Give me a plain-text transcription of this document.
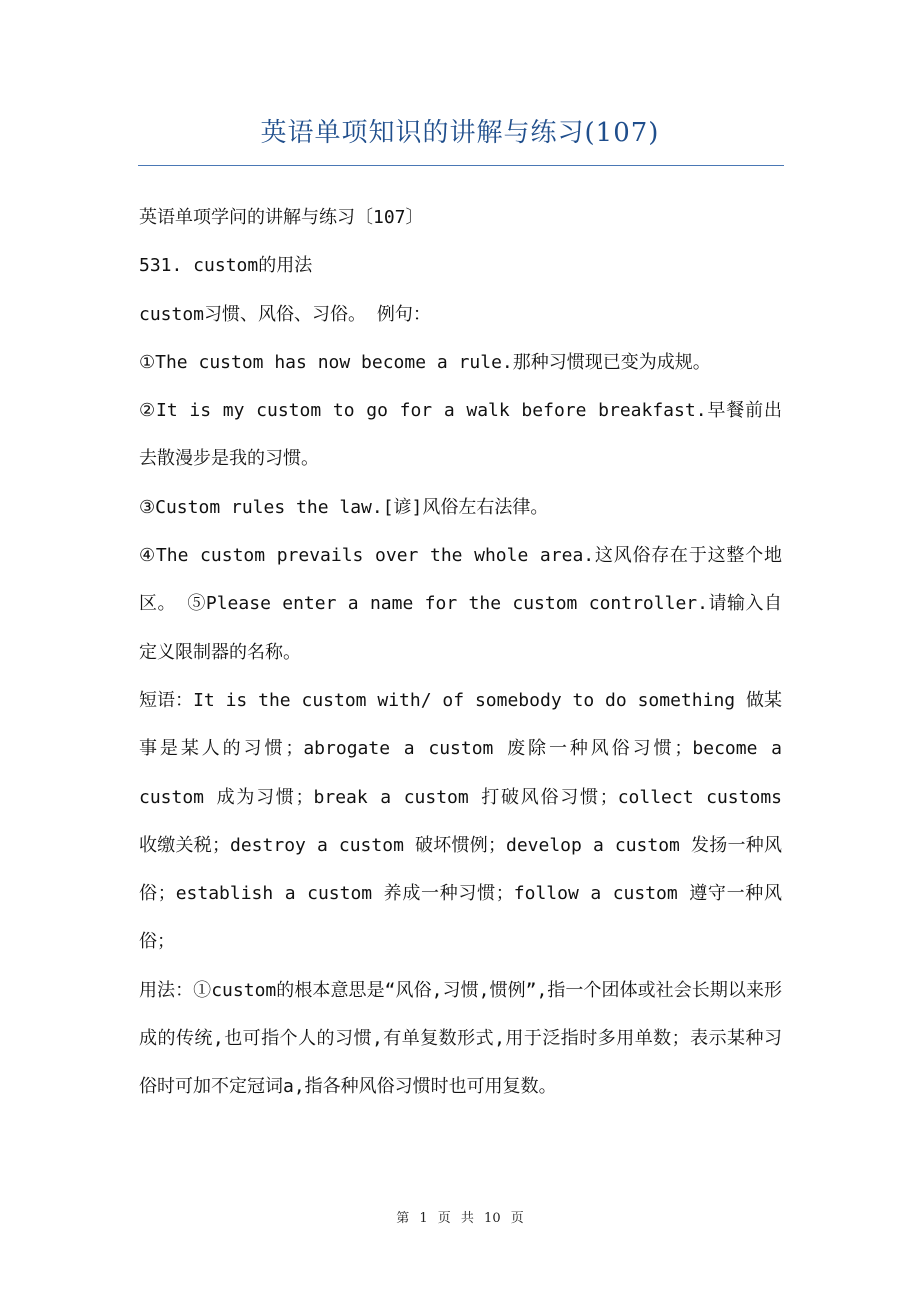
英语单项知识的讲解与练习(107)

英语单项学问的讲解与练习〔107〕

531. custom的用法

custom习惯、风俗、习俗。 例句：

①The custom has now become a rule.那种习惯现已变为成规。

②It is my custom to go for a walk before breakfast.早餐前出去散漫步是我的习惯。

③Custom rules the law.[谚]风俗左右法律。

④The custom prevails over the whole area.这风俗存在于这整个地区。 ⑤Please enter a name for the custom controller.请输入自定义限制器的名称。

短语：It is the custom with/ of somebody to do something 做某事是某人的习惯；abrogate a custom 废除一种风俗习惯；become a custom 成为习惯；break a custom 打破风俗习惯；collect customs 收缴关税；destroy a custom 破坏惯例；develop a custom 发扬一种风俗；establish a custom 养成一种习惯；follow a custom 遵守一种风俗；

用法：①custom的根本意思是“风俗,习惯,惯例”,指一个团体或社会长期以来形成的传统,也可指个人的习惯,有单复数形式,用于泛指时多用单数；表示某种习俗时可加不定冠词a,指各种风俗习惯时也可用复数。

第 1 页 共 10 页
